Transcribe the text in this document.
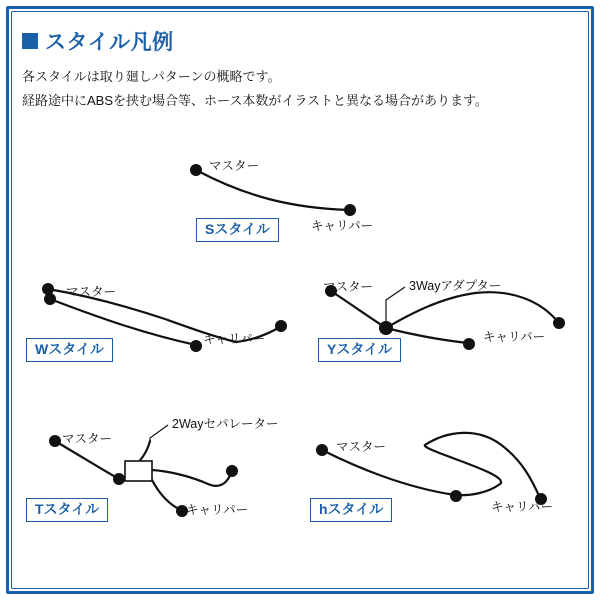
スタイル凡例
各スタイルは取り廻しパターンの概略です。
経路途中にABSを挟む場合等、ホース本数がイラストと異なる場合があります。
マスター
キャリパー
マスター
キャリパー
マスター	3Wayアダプター
キャリパー
マスター
2Wayセパレーター
キャリパー
マスター
キャリパー
Sスタイル
Wスタイル	Yスタイル
Tスタイル	hスタイル
